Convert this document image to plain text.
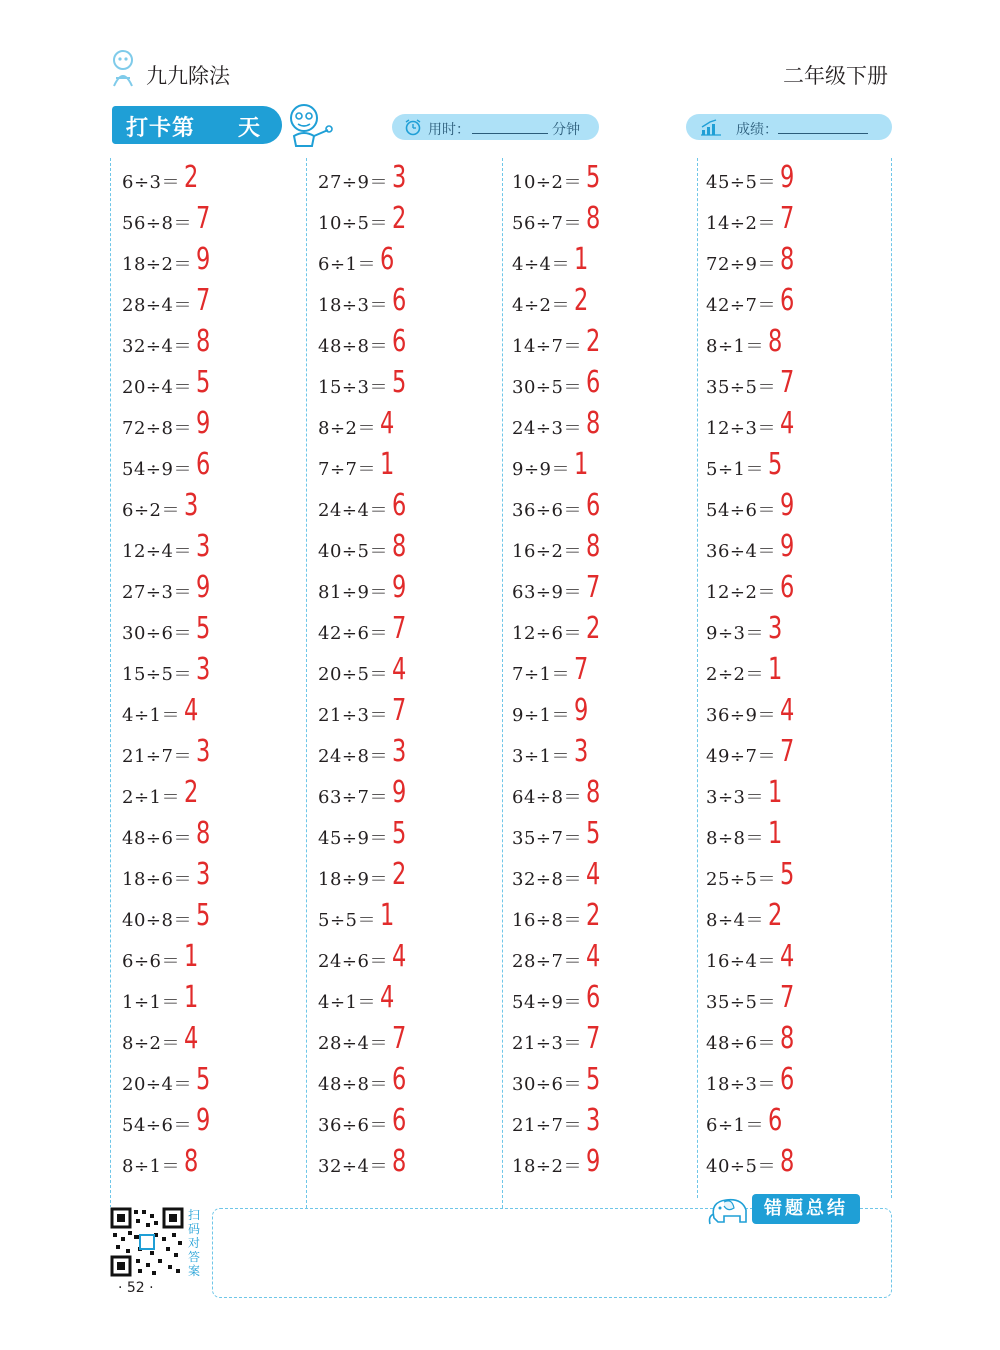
九九除法	二年级下册
打卡第 天	用时：	分钟	成绩：
6÷3＝ 2
56÷8＝ 7
18÷2＝ 9
28÷4＝ 7
32÷4＝ 8
20÷4＝ 5
72÷8＝ 9
54÷9＝ 6
6÷2＝ 3
12÷4＝ 3
27÷3＝ 9
30÷6＝ 5
15÷5＝ 3
4÷1＝ 4
21÷7＝ 3
2÷1＝ 2
48÷6＝ 8
18÷6＝ 3
40÷8＝ 5
6÷6＝ 1
1÷1＝ 1
8÷2＝ 4
20÷4＝ 5
54÷6＝ 9
8÷1＝ 8
27÷9＝ 3
10÷5＝ 2
6÷1＝ 6
18÷3＝ 6
48÷8＝ 6
15÷3＝ 5
8÷2＝ 4
7÷7＝ 1
24÷4＝ 6
40÷5＝ 8
81÷9＝ 9
42÷6＝ 7
20÷5＝ 4
21÷3＝ 7
24÷8＝ 3
63÷7＝ 9
45÷9＝ 5
18÷9＝ 2
5÷5＝ 1
24÷6＝ 4
4÷1＝ 4
28÷4＝ 7
48÷8＝ 6
36÷6＝ 6
32÷4＝ 8
10÷2＝ 5
56÷7＝ 8
4÷4＝ 1
4÷2＝ 2
14÷7＝ 2
30÷5＝ 6
24÷3＝ 8
9÷9＝ 1
36÷6＝ 6
16÷2＝ 8
63÷9＝ 7
12÷6＝ 2
7÷1＝ 7
9÷1＝ 9
3÷1＝ 3
64÷8＝ 8
35÷7＝ 5
32÷8＝ 4
16÷8＝ 2
28÷7＝ 4
54÷9＝ 6
21÷3＝ 7
30÷6＝ 5
21÷7＝ 3
18÷2＝ 9
45÷5＝ 9
14÷2＝ 7
72÷9＝ 8
42÷7＝ 6
8÷1＝ 8
35÷5＝ 7
12÷3＝ 4
5÷1＝ 5
54÷6＝ 9
36÷4＝ 9
12÷2＝ 6
9÷3＝ 3
2÷2＝ 1
36÷9＝ 4
49÷7＝ 7
3÷3＝ 1
8÷8＝ 1
25÷5＝ 5
8÷4＝ 2
16÷4＝ 4
35÷5＝ 7
48÷6＝ 8
18÷3＝ 6
6÷1＝ 6
40÷5＝ 8
错题总结
扫码对答案
· 52 ·
